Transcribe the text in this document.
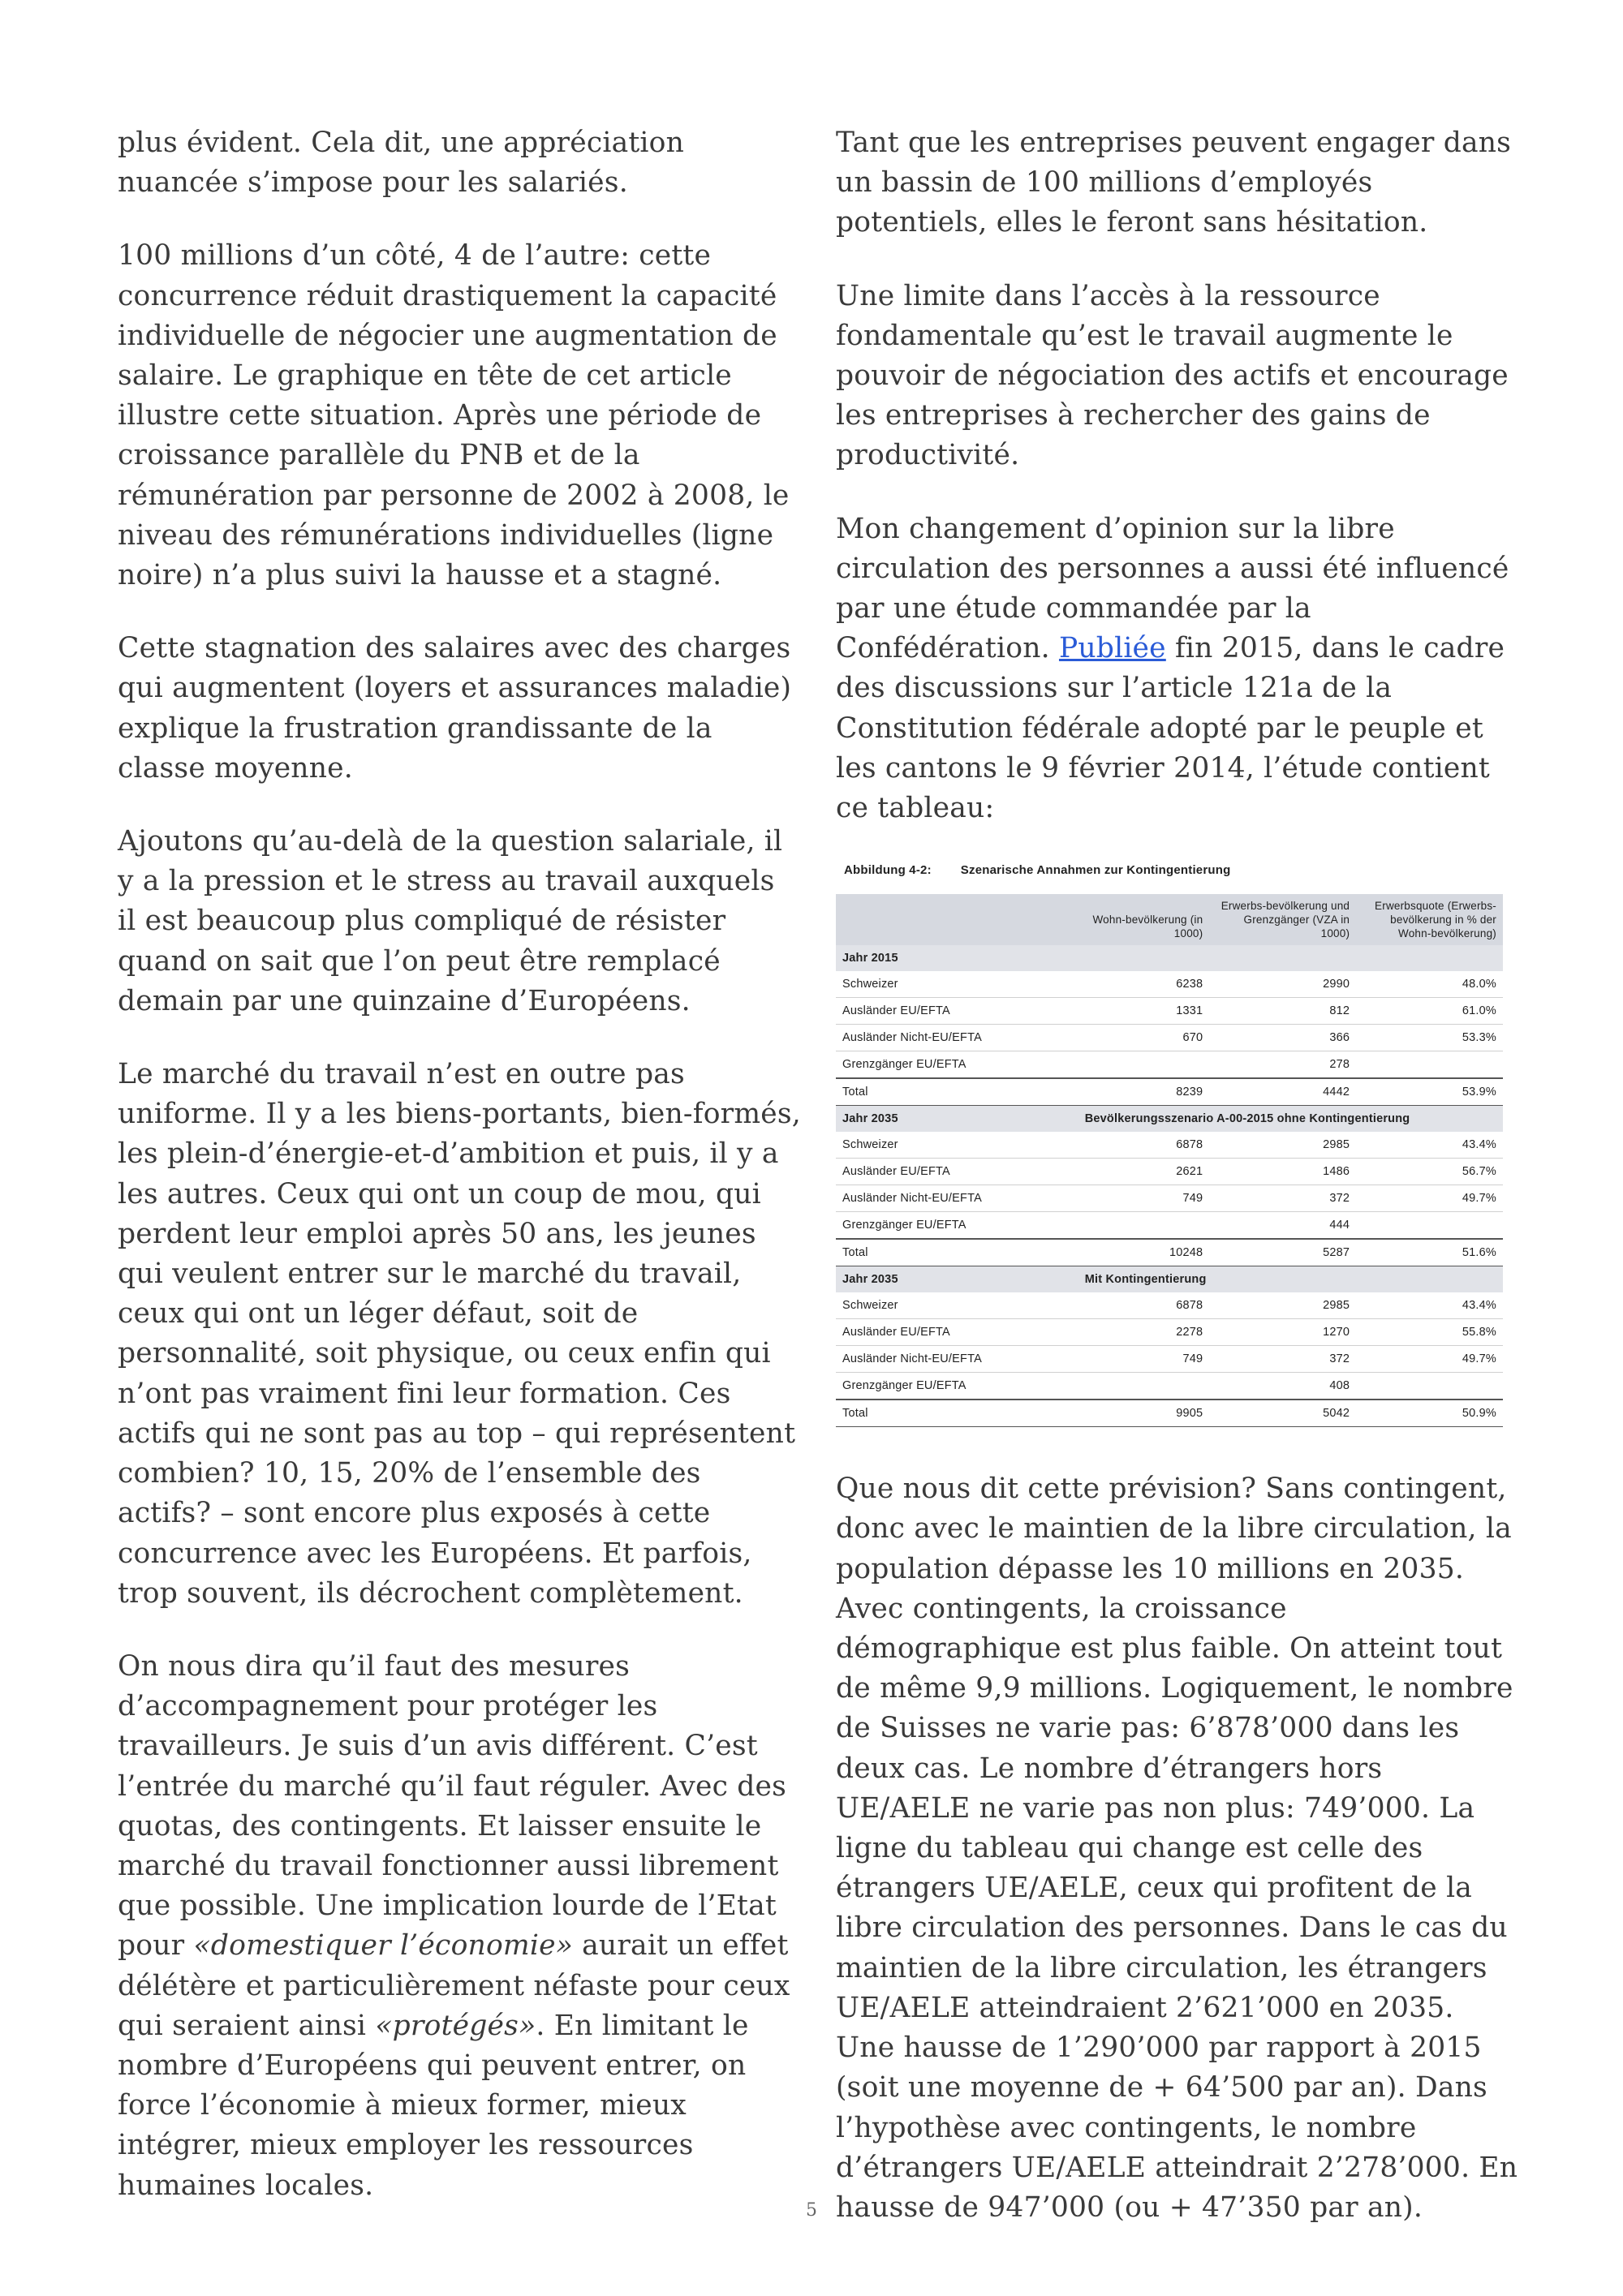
plus évident. Cela dit, une appréciation nuancée s’impose pour les salariés.

100 millions d’un côté, 4 de l’autre: cette concurrence réduit drastiquement la capacité individuelle de négocier une augmentation de salaire. Le graphique en tête de cet article illustre cette situation. Après une période de croissance parallèle du PNB et de la rémunération par personne de 2002 à 2008, le niveau des rémunérations individuelles (ligne noire) n’a plus suivi la hausse et a stagné.

Cette stagnation des salaires avec des charges qui augmentent (loyers et assurances maladie) explique la frustration grandissante de la classe moyenne.

Ajoutons qu’au-delà de la question salariale, il y a la pression et le stress au travail auxquels il est beaucoup plus compliqué de résister quand on sait que l’on peut être remplacé demain par une quinzaine d’Européens.

Le marché du travail n’est en outre pas uniforme. Il y a les biens-portants, bien-formés, les plein-d’énergie-et-d’ambition et puis, il y a les autres. Ceux qui ont un coup de mou, qui perdent leur emploi après 50 ans, les jeunes qui veulent entrer sur le marché du travail, ceux qui ont un léger défaut, soit de personnalité, soit physique, ou ceux enfin qui n’ont pas vraiment fini leur formation. Ces actifs qui ne sont pas au top – qui représentent combien? 10, 15, 20% de l’ensemble des actifs? – sont encore plus exposés à cette concurrence avec les Européens. Et parfois, trop souvent, ils décrochent complètement.

On nous dira qu’il faut des mesures d’accompagnement pour protéger les travailleurs. Je suis d’un avis différent. C’est l’entrée du marché qu’il faut réguler. Avec des quotas, des contingents. Et laisser ensuite le marché du travail fonctionner aussi librement que possible. Une implication lourde de l’Etat pour «domestiquer l’économie» aurait un effet délétère et particulièrement néfaste pour ceux qui seraient ainsi «protégés». En limitant le nombre d’Européens qui peuvent entrer, on force l’économie à mieux former, mieux intégrer, mieux employer les ressources humaines locales.

Tant que les entreprises peuvent engager dans un bassin de 100 millions d’employés potentiels, elles le feront sans hésitation.

Une limite dans l’accès à la ressource fondamentale qu’est le travail augmente le pouvoir de négociation des actifs et encourage les entreprises à rechercher des gains de productivité.

Mon changement d’opinion sur la libre circulation des personnes a aussi été influencé par une étude commandée par la Confédération. Publiée fin 2015, dans le cadre des discussions sur l’article 121a de la Constitution fédérale adopté par le peuple et les cantons le 9 février 2014, l’étude contient ce tableau:

Abbildung 4-2: Szenarische Annahmen zur Kontingentierung
	Wohn-bevölkerung (in 1000)	Erwerbs-bevölkerung und Grenzgänger (VZA in 1000)	Erwerbsquote (Erwerbs-bevölkerung in % der Wohn-bevölkerung)
Jahr 2015			
Schweizer	6238	2990	48.0%
Ausländer EU/EFTA	1331	812	61.0%
Ausländer Nicht-EU/EFTA	670	366	53.3%
Grenzgänger EU/EFTA		278	
Total	8239	4442	53.9%
Jahr 2035 Bevölkerungsszenario A-00-2015 ohne Kontingentierung			
Schweizer	6878	2985	43.4%
Ausländer EU/EFTA	2621	1486	56.7%
Ausländer Nicht-EU/EFTA	749	372	49.7%
Grenzgänger EU/EFTA		444	
Total	10248	5287	51.6%
Jahr 2035 Mit Kontingentierung			
Schweizer	6878	2985	43.4%
Ausländer EU/EFTA	2278	1270	55.8%
Ausländer Nicht-EU/EFTA	749	372	49.7%
Grenzgänger EU/EFTA		408	
Total	9905	5042	50.9%

Que nous dit cette prévision? Sans contingent, donc avec le maintien de la libre circulation, la population dépasse les 10 millions en 2035. Avec contingents, la croissance démographique est plus faible. On atteint tout de même 9,9 millions. Logiquement, le nombre de Suisses ne varie pas: 6’878’000 dans les deux cas. Le nombre d’étrangers hors UE/AELE ne varie pas non plus: 749’000. La ligne du tableau qui change est celle des étrangers UE/AELE, ceux qui profitent de la libre circulation des personnes. Dans le cas du maintien de la libre circulation, les étrangers UE/AELE atteindraient 2’621’000 en 2035. Une hausse de 1’290’000 par rapport à 2015 (soit une moyenne de + 64’500 par an). Dans l’hypothèse avec contingents, le nombre d’étrangers UE/AELE atteindrait 2’278’000. En hausse de 947’000 (ou + 47’350 par an).

5
